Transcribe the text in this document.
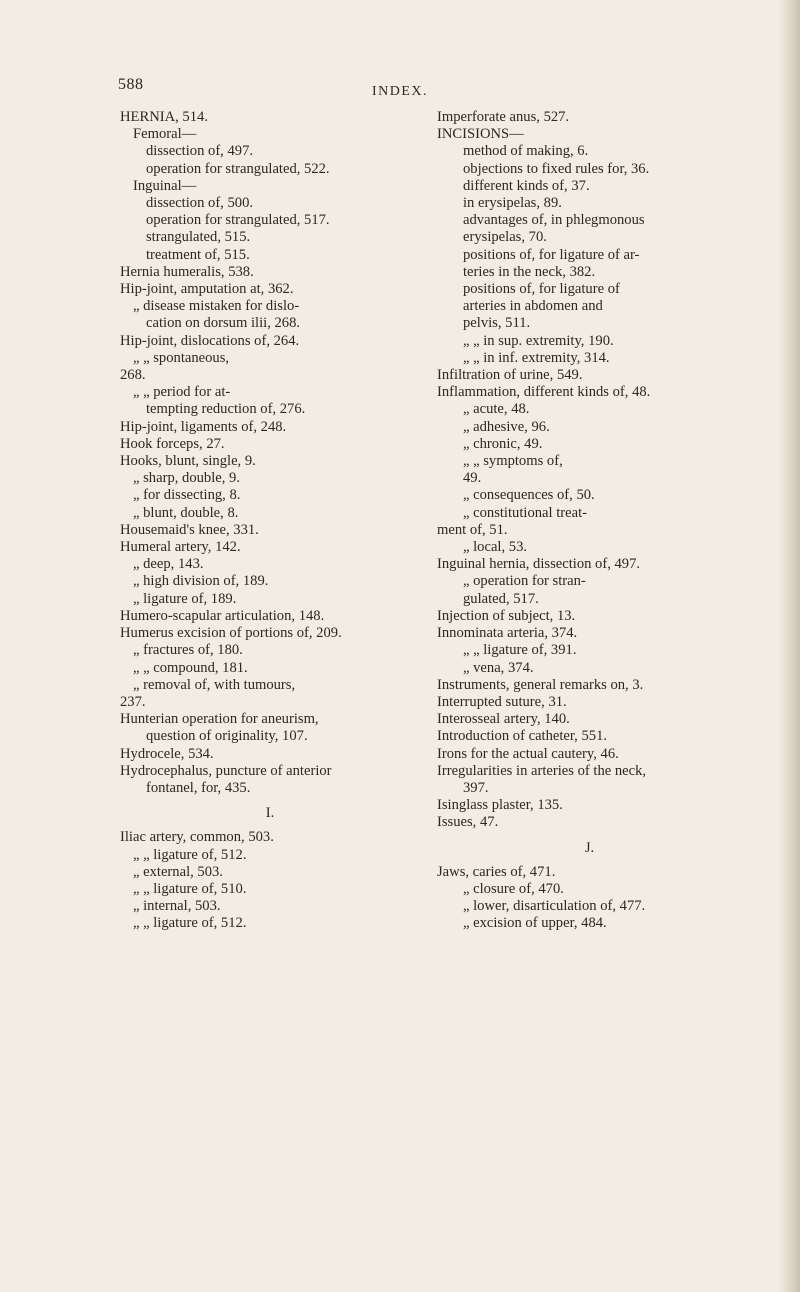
588	INDEX.
HERNIA, 514.
Femoral—
dissection of, 497.
operation for strangulated, 522.
Inguinal—
dissection of, 500.
operation for strangulated, 517.
strangulated, 515.
treatment of, 515.
Hernia humeralis, 538.
Hip-joint, amputation at, 362.
„ disease mistaken for dislo-
cation on dorsum ilii, 268.
Hip-joint, dislocations of, 264.
„ „ spontaneous,
268.
„ „ period for at-
tempting reduction of, 276.
Hip-joint, ligaments of, 248.
Hook forceps, 27.
Hooks, blunt, single, 9.
„ sharp, double, 9.
„ for dissecting, 8.
„ blunt, double, 8.
Housemaid's knee, 331.
Humeral artery, 142.
„ deep, 143.
„ high division of, 189.
„ ligature of, 189.
Humero-scapular articulation, 148.
Humerus excision of portions of, 209.
„ fractures of, 180.
„ „ compound, 181.
„ removal of, with tumours,
237.
Hunterian operation for aneurism,
question of originality, 107.
Hydrocele, 534.
Hydrocephalus, puncture of anterior
fontanel, for, 435.
I.
Iliac artery, common, 503.
„ „ ligature of, 512.
„ external, 503.
„ „ ligature of, 510.
„ internal, 503.
„ „ ligature of, 512.
Imperforate anus, 527.
INCISIONS—
method of making, 6.
objections to fixed rules for, 36.
different kinds of, 37.
in erysipelas, 89.
advantages of, in phlegmonous
erysipelas, 70.
positions of, for ligature of ar-
teries in the neck, 382.
positions of, for ligature of
arteries in abdomen and
pelvis, 511.
„ „ in sup. extremity, 190.
„ „ in inf. extremity, 314.
Infiltration of urine, 549.
Inflammation, different kinds of, 48.
„ acute, 48.
„ adhesive, 96.
„ chronic, 49.
„ „ symptoms of,
49.
„ consequences of, 50.
„ constitutional treat-
ment of, 51.
„ local, 53.
Inguinal hernia, dissection of, 497.
„ operation for stran-
gulated, 517.
Injection of subject, 13.
Innominata arteria, 374.
„ „ ligature of, 391.
„ vena, 374.
Instruments, general remarks on, 3.
Interrupted suture, 31.
Interosseal artery, 140.
Introduction of catheter, 551.
Irons for the actual cautery, 46.
Irregularities in arteries of the neck,
397.
Isinglass plaster, 135.
Issues, 47.
J.
Jaws, caries of, 471.
„ closure of, 470.
„ lower, disarticulation of, 477.
„ excision of upper, 484.
